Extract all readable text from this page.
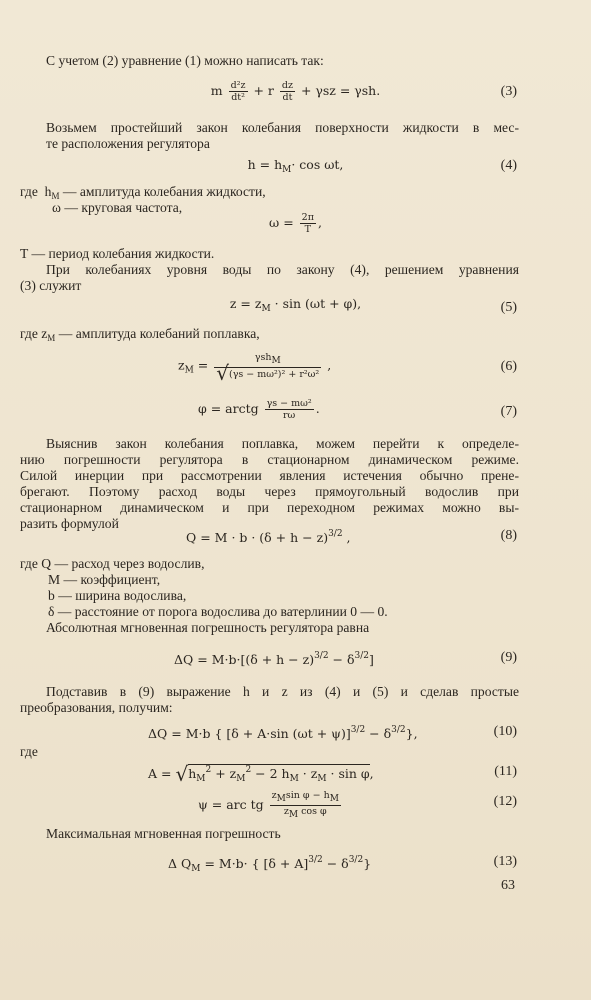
С учетом (2) уравнение (1) можно написать так:
m $\frac{\text{d²z}}{\text{dt²}} + r \frac{dz}{dt} + \gamma sz = \gamma sh$.	(3)
Возьмем простейший закон колебания поверхности жидкости в мес-
те расположения регулятора
$h = h_M\cdot \cos \omega t$,	(4)
где $h_M$ — амплитуда колебания жидкости,
ω — круговая частота,
$\omega = \frac{2\pi}{T}$ ,
T — период колебания жидкости.
При колебаниях уровня воды по закону (4), решением уравнения
(3) служит
$z = z_M \cdot \sin (\omega t + \varphi)$,	(5)
где $z_M$ — амплитуда колебаний поплавка,
$z_M = \frac{\text{γshM}}{\text{√(γs − mω²)² + r²ω²}}$ ,	(6)
φ = arctg $\frac{\text{γs − mω²}}{r\omega}$ .	(7)
Выяснив закон колебания поплавка, можем перейти к определе-
нию погрешности регулятора в стационарном динамическом режиме.
Силой инерции при рассмотрении явления истечения обычно прене-
брегают. Поэтому расход воды через прямоугольный водослив при
стационарном динамическом и при переходном режимах можно вы-
разить формулой
$Q = M \cdot b \cdot (\delta + h - z)^{3/2}$ ,	(8)
где Q — расход через водослив,
M — коэффициент,
b — ширина водослива,
δ — расстояние от порога водослива до ватерлинии 0 — 0.
Абсолютная мгновенная погрешность регулятора равна
$\Delta Q = M\cdot b\cdot[(\delta + h - z)^{3/2} - \delta^{3/2}]$	(9)
Подставив в (9) выражение h и z из (4) и (5) и сделав простые
преобразования, получим:
ΔQ = M·b { [δ + A·sin $(\omega t + \psi)]^{3/2} - \delta^{3/2}$},	(10)
где
$A = √h_M^2 + z_M^2 - 2$ $h_M \cdot z_M \cdot \sin \varphi$,	(11)
ψ = arc tg $\frac{\text{zMsin φ − hM}}{\text{zM cos φ}}$	(12)
Максимальная мгновенная погрешность
Δ $Q_M = M\cdot b\cdot$ { $[\delta + A]^{3/2} - \delta^{3/2}$}	(13)
63
